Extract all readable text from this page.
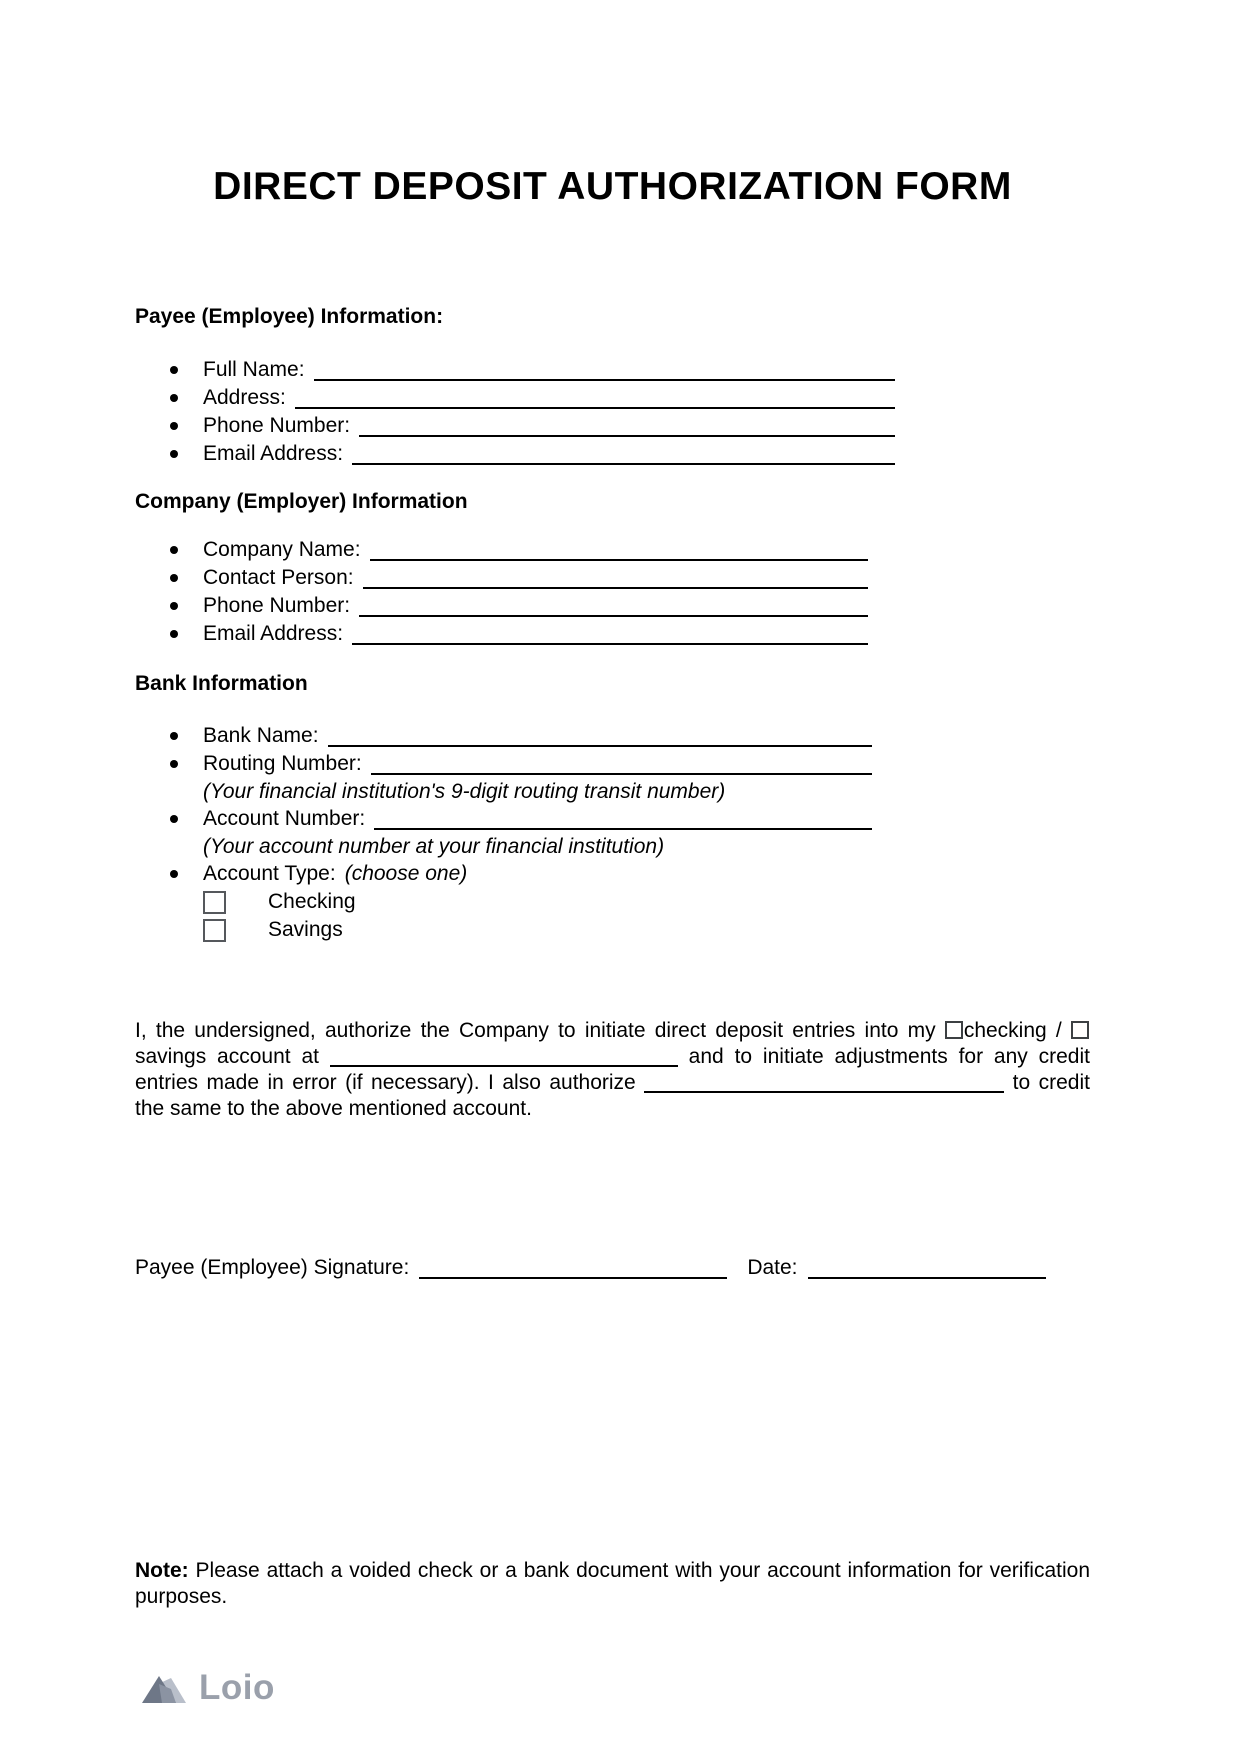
DIRECT DEPOSIT AUTHORIZATION FORM
Payee (Employee) Information:
Full Name:
Address:
Phone Number:
Email Address:
Company (Employer) Information
Company Name:
Contact Person:
Phone Number:
Email Address:
Bank Information
Bank Name:
Routing Number:
(Your financial institution's 9-digit routing transit number)
Account Number:
(Your account number at your financial institution)
Account Type: (choose one)
Checking
Savings

I, the undersigned, authorize the Company to initiate direct deposit entries into my checking / savings account at	and to initiate adjustments for any credit entries made in error (if necessary). I also authorize	to credit the same to the above mentioned account.

Payee (Employee) Signature:	Date:

Note: Please attach a voided check or a bank document with your account information for verification purposes.

Loio
